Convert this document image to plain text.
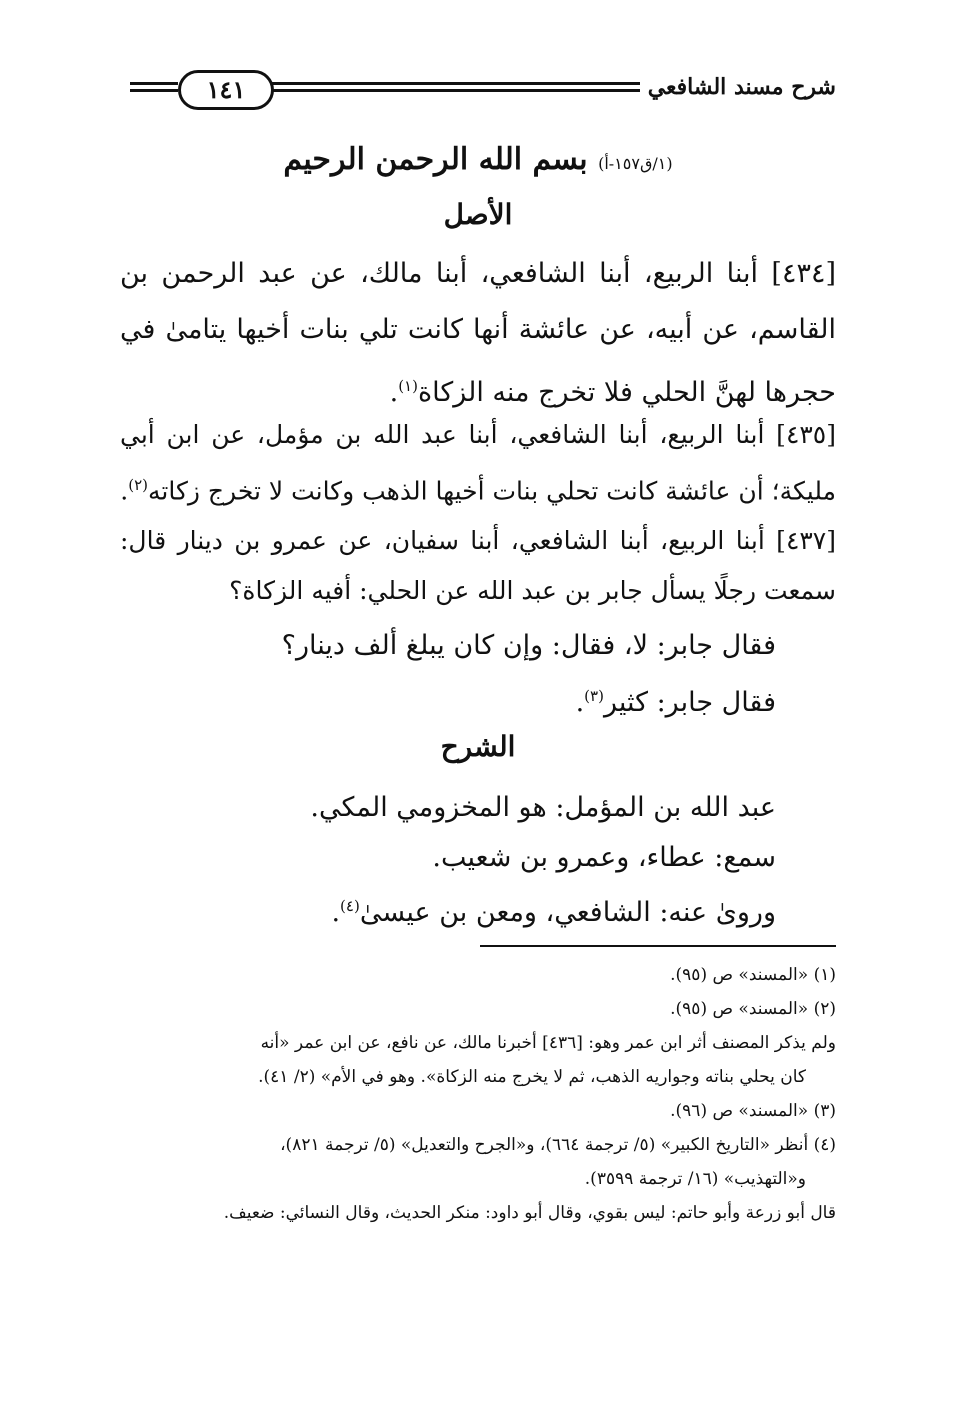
شرح مسند الشافعي
١٤١
(١/ق١٥٧-أ) بسم الله الرحمن الرحيم
الأصل
[٤٣٤] أبنا الربيع، أبنا الشافعي، أبنا مالك، عن عبد الرحمن بن القاسم، عن أبيه، عن عائشة أنها كانت تلي بنات أخيها يتامىٰ في حجرها لهنَّ الحلي فلا تخرج منه الزكاة$^{(١)}$.
[٤٣٥] أبنا الربيع، أبنا الشافعي، أبنا عبد الله بن مؤمل، عن ابن أبي مليكة؛ أن عائشة كانت تحلي بنات أخيها الذهب وكانت لا تخرج زكاته$^{(٢)}$.
[٤٣٧] أبنا الربيع، أبنا الشافعي، أبنا سفيان، عن عمرو بن دينار قال: سمعت رجلًا يسأل جابر بن عبد الله عن الحلي: أفيه الزكاة؟
فقال جابر: لا، فقال: وإن كان يبلغ ألف دينار؟
فقال جابر: كثير$^{(٣)}$.
الشرح
عبد الله بن المؤمل: هو المخزومي المكي.
سمع: عطاء، وعمرو بن شعيب.
وروىٰ عنه: الشافعي، ومعن بن عيسىٰ$^{(٤)}$.
(١) «المسند» ص (٩٥).
(٢) «المسند» ص (٩٥).
ولم يذكر المصنف أثر ابن عمر وهو: [٤٣٦] أخبرنا مالك، عن نافع، عن ابن عمر «أنه
كان يحلي بناته وجواريه الذهب، ثم لا يخرج منه الزكاة». وهو في الأم» (٢/ ٤١).
(٣) «المسند» ص (٩٦).
(٤) أنظر «التاريخ الكبير» (٥/ ترجمة ٦٦٤)، و«الجرح والتعديل» (٥/ ترجمة ٨٢١)،
و«التهذيب» (١٦/ ترجمة ٣٥٩٩).
قال أبو زرعة وأبو حاتم: ليس بقوي، وقال أبو داود: منكر الحديث، وقال النسائي: ضعيف.
